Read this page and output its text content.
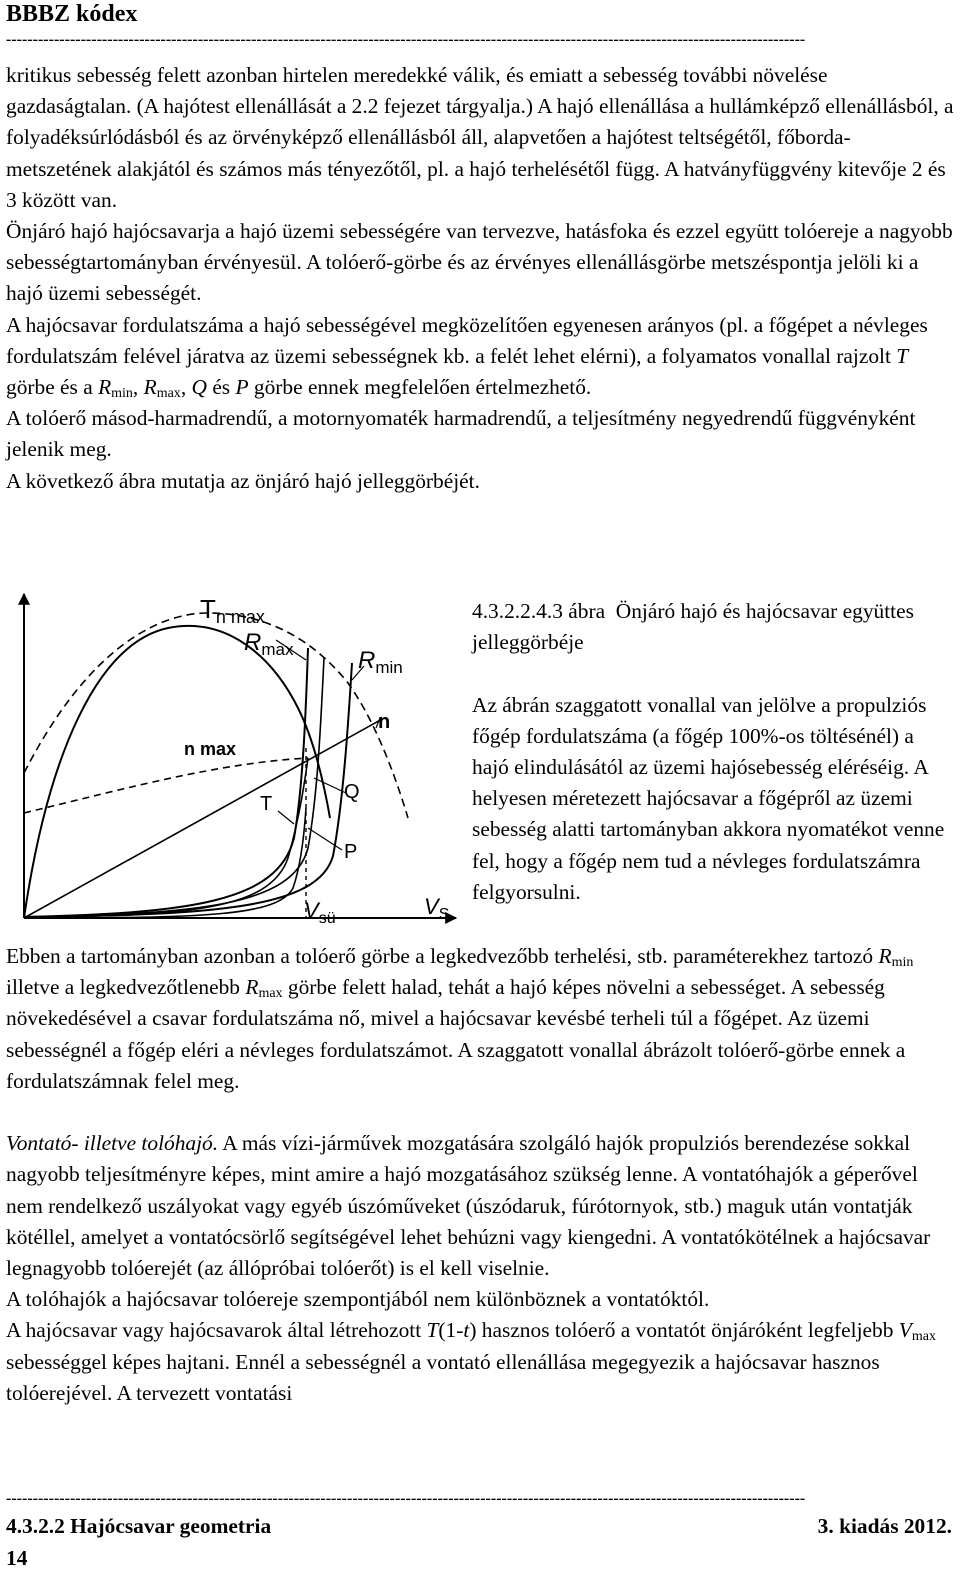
BBBZ kódex
------------------------------------------------------------------------------------------------------------------------------------------------------

kritikus sebesség felett azonban hirtelen meredekké válik, és emiatt a sebesség további növelése gazdaságtalan. (A hajótest ellenállását a 2.2 fejezet tárgyalja.) A hajó ellenállása a hullámképző ellenállásból, a folyadéksúrlódásból és az örvényképző ellenállásból áll, alapvetően a hajótest teltségétől, főborda-metszetének alakjától és számos más tényezőtől, pl. a hajó terhelésétől függ. A hatványfüggvény kitevője 2 és 3 között van.

Önjáró hajó hajócsavarja a hajó üzemi sebességére van tervezve, hatásfoka és ezzel együtt tolóereje a nagyobb sebességtartományban érvényesül. A tolóerő-görbe és az érvényes ellenállásgörbe metszéspontja jelöli ki a hajó üzemi sebességét.

A hajócsavar fordulatszáma a hajó sebességével megközelítően egyenesen arányos (pl. a főgépet a névleges fordulatszám felével járatva az üzemi sebességnek kb. a felét lehet elérni), a folyamatos vonallal rajzolt T görbe és a $R_{min}$, $R_{max}$, Q és P görbe ennek megfelelően értelmezhető.

A tolóerő másod-harmadrendű, a motornyomaték harmadrendű, a teljesítmény negyedrendű függvényként jelenik meg.

A következő ábra mutatja az önjáró hajó jelleggörbéjét.

Tn max
$R_{max}$	$R_{min}$
n
n max
Q
T
P
$V_{sü}$	$V_S$

4.3.2.2.4.3 ábra  Önjáró hajó és hajócsavar együttes jelleggörbéje

Az ábrán szaggatott vonallal van jelölve a propulziós főgép fordulatszáma (a főgép 100%-os töltésénél) a hajó elindulásától az üzemi hajósebesség eléréséig. A helyesen méretezett hajócsavar a főgépről az üzemi sebesség alatti tartományban akkora nyomatékot venne fel, hogy a főgép nem tud a névleges fordulatszámra felgyorsulni.

Ebben a tartományban azonban a tolóerő görbe a legkedvezőbb terhelési, stb. paraméterekhez tartozó $R_{min}$ illetve a legkedvezőtlenebb $R_{max}$ görbe felett halad, tehát a hajó képes növelni a sebességet. A sebesség növekedésével a csavar fordulatszáma nő, mivel a hajócsavar kevésbé terheli túl a főgépet. Az üzemi sebességnél a főgép eléri a névleges fordulatszámot. A szaggatott vonallal ábrázolt tolóerő-görbe ennek a fordulatszámnak felel meg.

Vontató- illetve tolóhajó. A más vízi-járművek mozgatására szolgáló hajók propulziós berendezése sokkal nagyobb teljesítményre képes, mint amire a hajó mozgatásához szükség lenne. A vontatóhajók a géperővel nem rendelkező uszályokat vagy egyéb úszóműveket (úszódaruk, fúrótornyok, stb.) maguk után vontatják kötéllel, amelyet a vontatócsörlő segítségével lehet behúzni vagy kiengedni. A vontatókötélnek a hajócsavar legnagyobb tolóerejét (az állópróbai tolóerőt) is el kell viselnie.

A tolóhajók a hajócsavar tolóereje szempontjából nem különböznek a vontatóktól.

A hajócsavar vagy hajócsavarok által létrehozott T(1-t) hasznos tolóerő a vontatót önjáróként legfeljebb $V_{max}$ sebességgel képes hajtani. Ennél a sebességnél a vontató ellenállása megegyezik a hajócsavar hasznos tolóerejével. A tervezett vontatási

------------------------------------------------------------------------------------------------------------------------------------------------------
4.3.2.2 Hajócsavar geometria	3. kiadás 2012.
14
